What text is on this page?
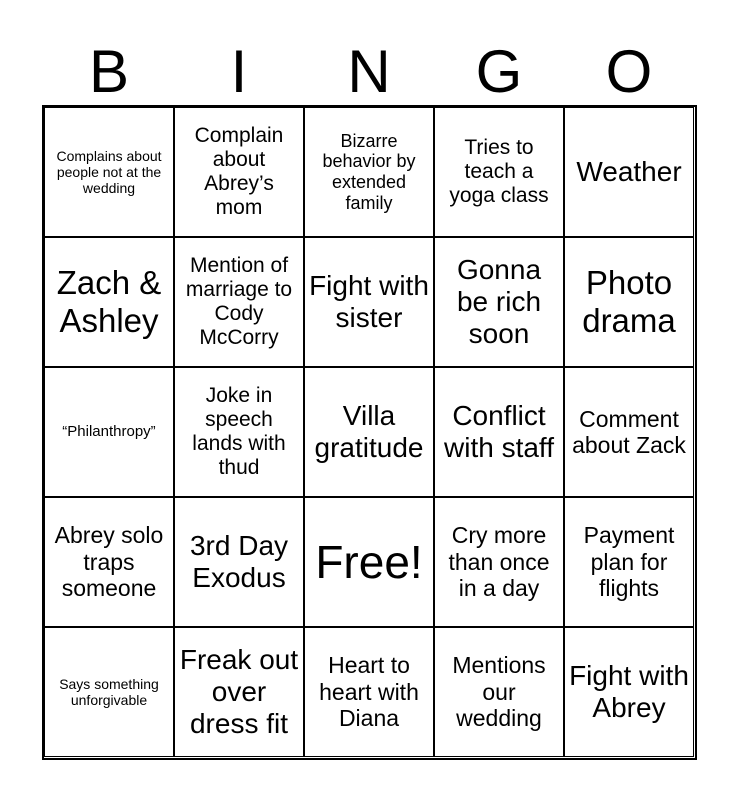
B	I	N	G	O
Complains about people not at the wedding
Complain about Abrey’s mom
Bizarre behavior by extended family
Tries to teach a yoga class
Weather
Zach & Ashley
Mention of marriage to Cody McCorry
Fight with sister
Gonna be rich soon
Photo drama
“Philanthropy”
Joke in speech lands with thud
Villa gratitude
Conflict with staff
Comment about Zack
Abrey solo traps someone
3rd Day Exodus Free!
Cry more than once in a day
Payment plan for flights
Says something unforgivable
Freak out over dress fit
Heart to heart with Diana
Mentions our wedding
Fight with Abrey
